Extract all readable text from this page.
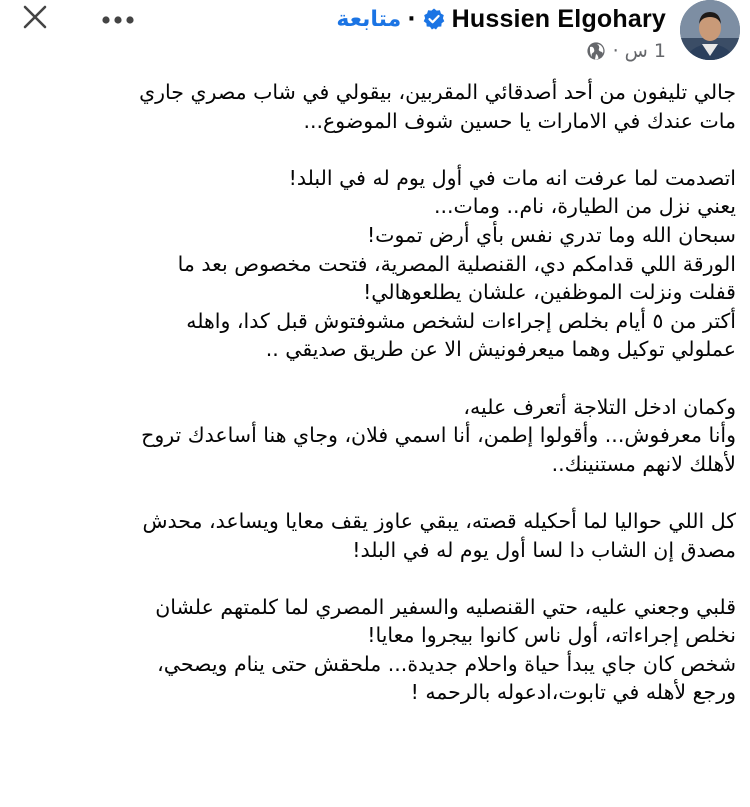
Hussien Elgohary
·
متابعة
1 س
·

جالي تليفون من أحد أصدقائي المقربين، بيقولي في شاب مصري جاري
مات عندك في الامارات يا حسين شوف الموضوع...

اتصدمت لما عرفت انه مات في أول يوم له في البلد!
يعني نزل من الطيارة، نام.. ومات...
سبحان الله وما تدري نفس بأي أرض تموت!
الورقة اللي قدامكم دي، القنصلية المصرية، فتحت مخصوص بعد ما
قفلت ونزلت الموظفين، علشان يطلعوهالي!
أكتر من ٥ أيام بخلص إجراءات لشخص مشوفتوش قبل كدا، واهله
عملولي توكيل وهما ميعرفونيش الا عن طريق صديقي ..

وكمان ادخل التلاجة أتعرف عليه،
وأنا معرفوش... وأقولوا إطمن، أنا اسمي فلان، وجاي هنا أساعدك تروح
لأهلك لانهم مستنينك..

كل اللي حواليا لما أحكيله قصته، يبقي عاوز يقف معايا ويساعد، محدش
مصدق إن الشاب دا لسا أول يوم له في البلد!

قلبي وجعني عليه، حتي القنصليه والسفير المصري لما كلمتهم علشان
نخلص إجراءاته، أول ناس كانوا بيجروا معايا!
شخص كان جاي يبدأ حياة واحلام جديدة... ملحقش حتى ينام ويصحي،
ورجع لأهله في تابوت،ادعوله بالرحمه !
